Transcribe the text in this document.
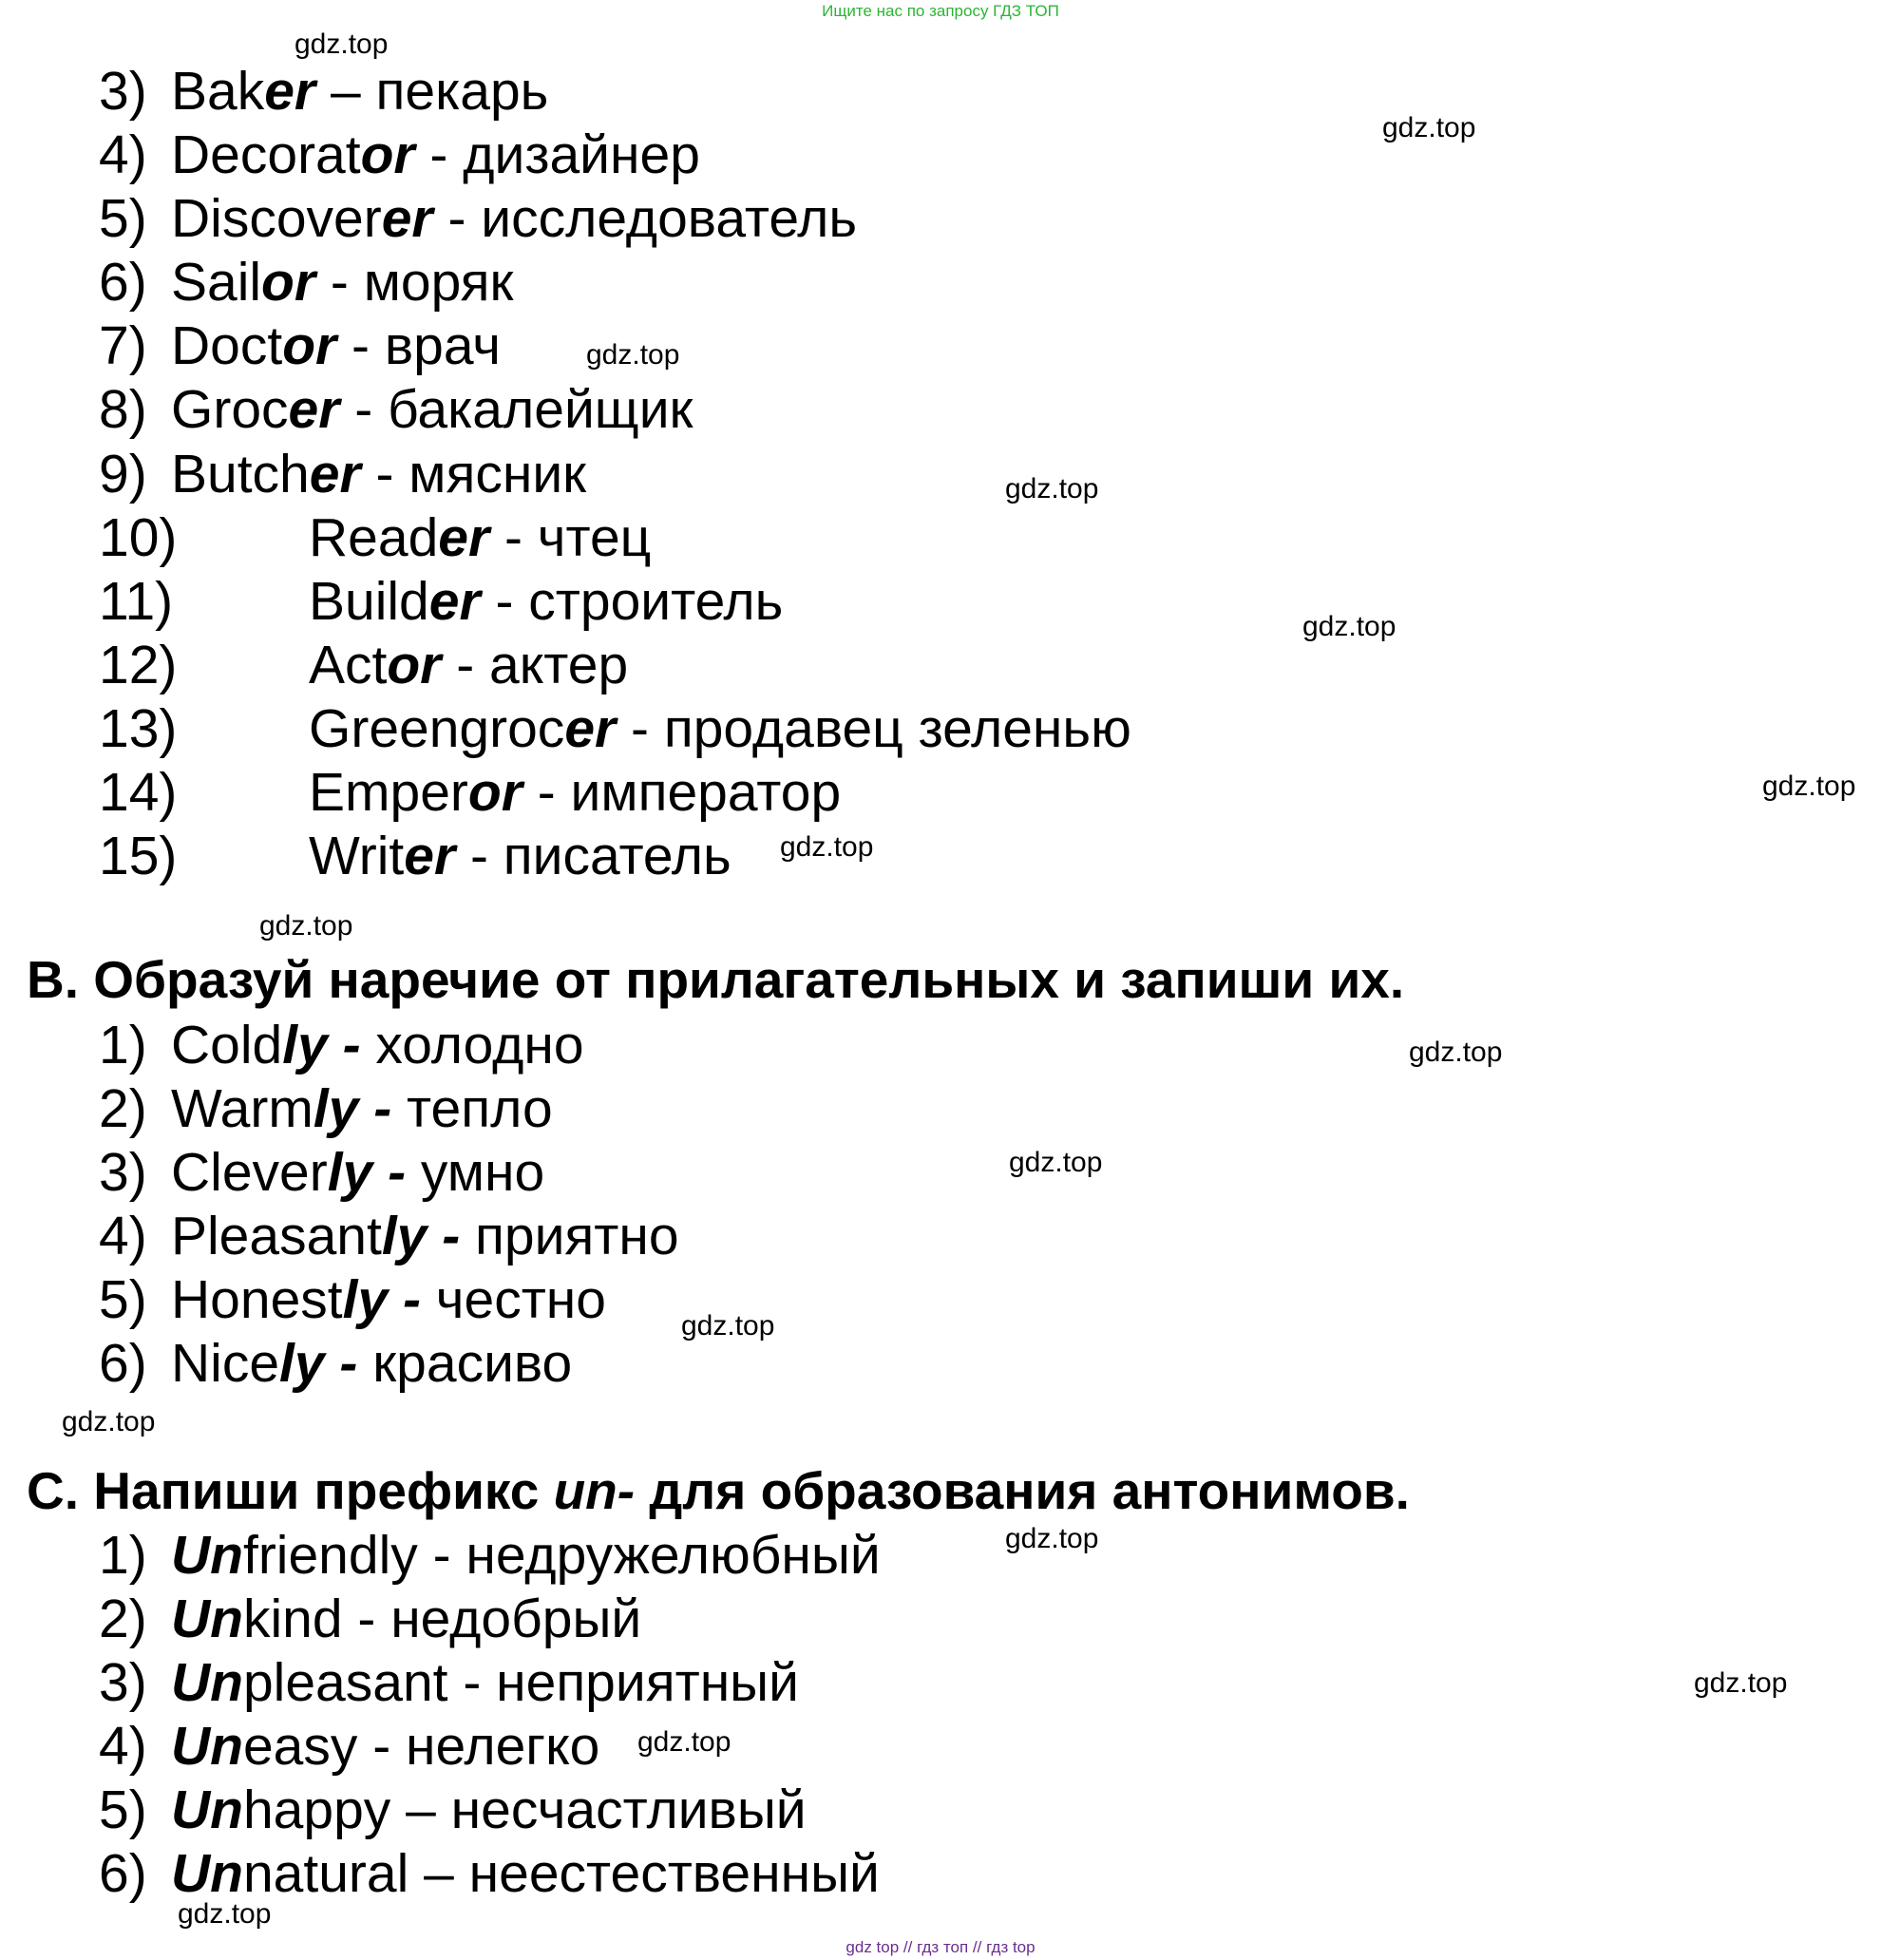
Ищите нас по запросу ГДЗ ТОП
3) Baker – пекарь
4) Decorator - дизайнер
5) Discoverer - исследователь
6) Sailor - моряк
7) Doctor - врач
8) Grocer - бакалейщик
9) Butcher - мясник
10) Reader - чтец
11)	Builder - строитель
12) Actor - актер
13) Greengrocer - продавец зеленью
14) Emperor - император
15) Writer - писатель
B. Образуй наречие от прилагательных и запиши их.
1) Coldly - холодно
2) Warmly - тепло
3) Cleverly - умно
4) Pleasantly - приятно
5) Honestly - честно
6) Nicely - красиво
C. Напиши префикс un- для образования антонимов.
1) Unfriendly - недружелюбный
2) Unkind - недобрый
3) Unpleasant - неприятный
4) Uneasy - нелегко
5) Unhappy – несчастливый
6) Unnatural – неестественный
gdz.top
gdz.top
gdz.top
gdz.top
gdz.top
gdz.top
gdz.top
gdz.top
gdz.top
gdz.top
gdz.top
gdz.top
gdz.top
gdz.top
gdz.top
gdz.top
gdz top // гдз топ // гдз top
